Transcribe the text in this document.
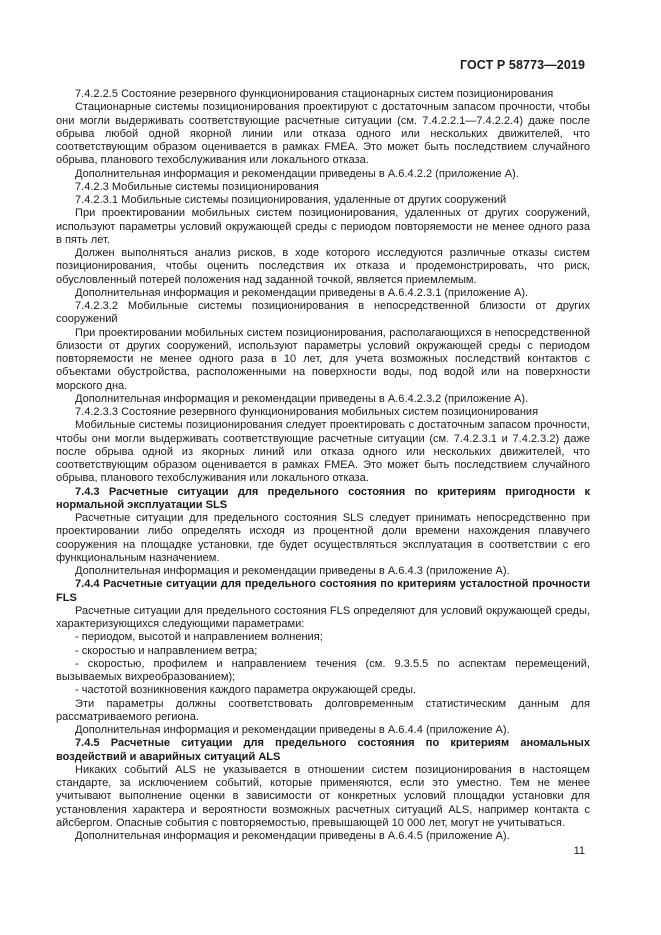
ГОСТ Р 58773—2019

7.4.2.2.5 Состояние резервного функционирования стационарных систем позиционирования

Стационарные системы позиционирования проектируют с достаточным запасом прочности, чтобы они могли выдерживать соответствующие расчетные ситуации (см. 7.4.2.2.1—7.4.2.2.4) даже после обрыва любой одной якорной линии или отказа одного или нескольких движителей, что соответствующим образом оценивается в рамках FMEA. Это может быть последствием случайного обрыва, планового техобслуживания или локального отказа.

Дополнительная информация и рекомендации приведены в A.6.4.2.2 (приложение А).

7.4.2.3 Мобильные системы позиционирования

7.4.2.3.1 Мобильные системы позиционирования, удаленные от других сооружений

При проектировании мобильных систем позиционирования, удаленных от других сооружений, используют параметры условий окружающей среды с периодом повторяемости не менее одного раза в пять лет.

Должен выполняться анализ рисков, в ходе которого исследуются различные отказы систем позиционирования, чтобы оценить последствия их отказа и продемонстрировать, что риск, обусловленный потерей положения над заданной точкой, является приемлемым.

Дополнительная информация и рекомендации приведены в A.6.4.2.3.1 (приложение А).

7.4.2.3.2 Мобильные системы позиционирования в непосредственной близости от других сооружений

При проектировании мобильных систем позиционирования, располагающихся в непосредственной близости от других сооружений, используют параметры условий окружающей среды с периодом повторяемости не менее одного раза в 10 лет, для учета возможных последствий контактов с объектами обустройства, расположенными на поверхности воды, под водой или на поверхности морского дна.

Дополнительная информация и рекомендации приведены в A.6.4.2.3.2 (приложение А).

7.4.2.3.3 Состояние резервного функционирования мобильных систем позиционирования

Мобильные системы позиционирования следует проектировать с достаточным запасом прочности, чтобы они могли выдерживать соответствующие расчетные ситуации (см. 7.4.2.3.1 и 7.4.2.3.2) даже после обрыва одной из якорных линий или отказа одного или нескольких движителей, что соответствующим образом оценивается в рамках FMEA. Это может быть последствием случайного обрыва, планового техобслуживания или локального отказа.

7.4.3 Расчетные ситуации для предельного состояния по критериям пригодности к нормальной эксплуатации SLS

Расчетные ситуации для предельного состояния SLS следует принимать непосредственно при проектировании либо определять исходя из процентной доли времени нахождения плавучего сооружения на площадке установки, где будет осуществляться эксплуатация в соответствии с его функциональным назначением.

Дополнительная информация и рекомендации приведены в A.6.4.3 (приложение А).

7.4.4 Расчетные ситуации для предельного состояния по критериям усталостной прочности FLS

Расчетные ситуации для предельного состояния FLS определяют для условий окружающей среды, характеризующихся следующими параметрами:

- периодом, высотой и направлением волнения;

- скоростью и направлением ветра;

- скоростью, профилем и направлением течения (см. 9.3.5.5 по аспектам перемещений, вызываемых вихреобразованием);

- частотой возникновения каждого параметра окружающей среды.

Эти параметры должны соответствовать долговременным статистическим данным для рассматриваемого региона.

Дополнительная информация и рекомендации приведены в A.6.4.4 (приложение А).

7.4.5 Расчетные ситуации для предельного состояния по критериям аномальных воздействий и аварийных ситуаций ALS

Никаких событий ALS не указывается в отношении систем позиционирования в настоящем стандарте, за исключением событий, которые применяются, если это уместно. Тем не менее учитывают выполнение оценки в зависимости от конкретных условий площадки установки для установления характера и вероятности возможных расчетных ситуаций ALS, например контакта с айсбергом. Опасные события с повторяемостью, превышающей 10 000 лет, могут не учитываться.

Дополнительная информация и рекомендации приведены в A.6.4.5 (приложение А).

11
